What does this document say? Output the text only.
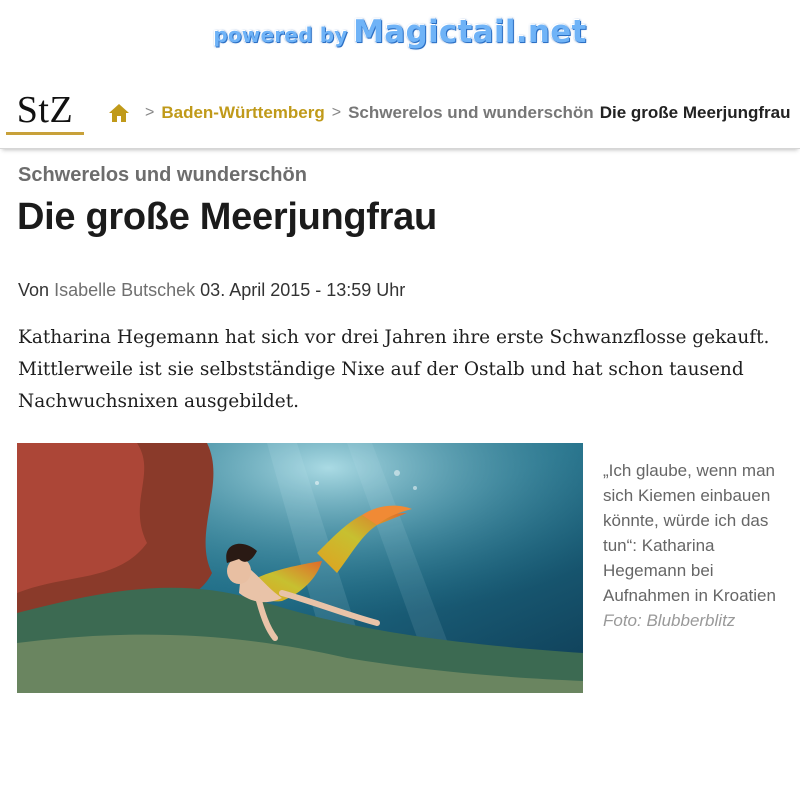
powered by Magictail.net
StZ	> Baden-Württemberg > Schwerelos und wunderschön Die große Meerjungfrau
Schwerelos und wunderschön
Die große Meerjungfrau
Von Isabelle Butschek 03. April 2015 - 13:59 Uhr

Katharina Hegemann hat sich vor drei Jahren ihre erste Schwanzflosse gekauft. Mittlerweile ist sie selbstständige Nixe auf der Ostalb und hat schon tausend Nachwuchsnixen ausgebildet.

„Ich glaube, wenn man sich Kiemen einbauen könnte, würde ich das tun“: Katharina Hegemann bei Aufnahmen in Kroatien
Foto: Blubberblitz
